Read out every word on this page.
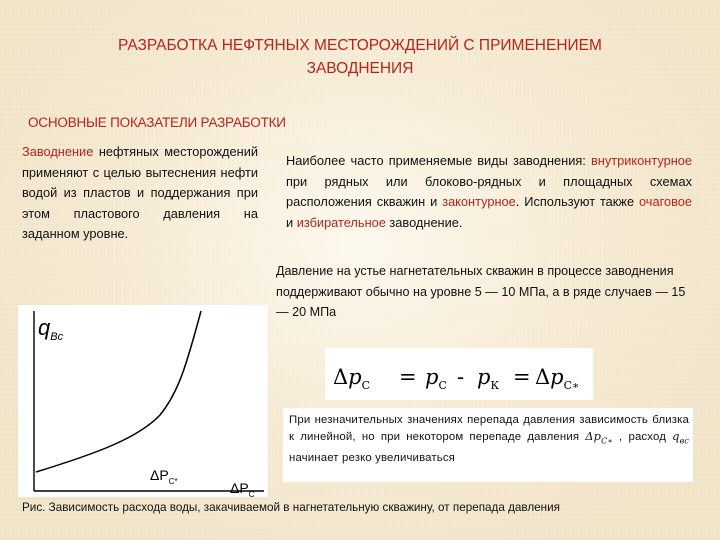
РАЗРАБОТКА НЕФТЯНЫХ МЕСТОРОЖДЕНИЙ С ПРИМЕНЕНИЕМ ЗАВОДНЕНИЯ
ОСНОВНЫЕ ПОКАЗАТЕЛИ РАЗРАБОТКИ
Заводнение нефтяных месторождений применяют с целью вытеснения нефти водой из пластов и поддержания при этом пластового давления на заданном уровне.
Наиболее часто применяемые виды заводнения: внутриконтурное при рядных или блоково-рядных и площадных схемах расположения скважин и законтурное. Используют также очаговое и избирательное заводнение.
Давление на устье нагнетательных скважин в процессе заводнения поддерживают обычно на уровне 5 — 10 МПа, а в ряде случаев — 15 — 20 МПа
$q_{Вс}$
$\Delta P_{C*}$	$\Delta P_C$
$\Delta p_С = p_С - p_К = \Delta p_{С∗}$
При незначительных значениях перепада давления зависимость близка к линейной, но при некотором перепаде давления $\Delta p_{С∗}$ , расход $q_{вс}$ начинает резко увеличиваться
Рис. Зависимость расхода воды, закачиваемой в нагнетательную скважину, от перепада давления
